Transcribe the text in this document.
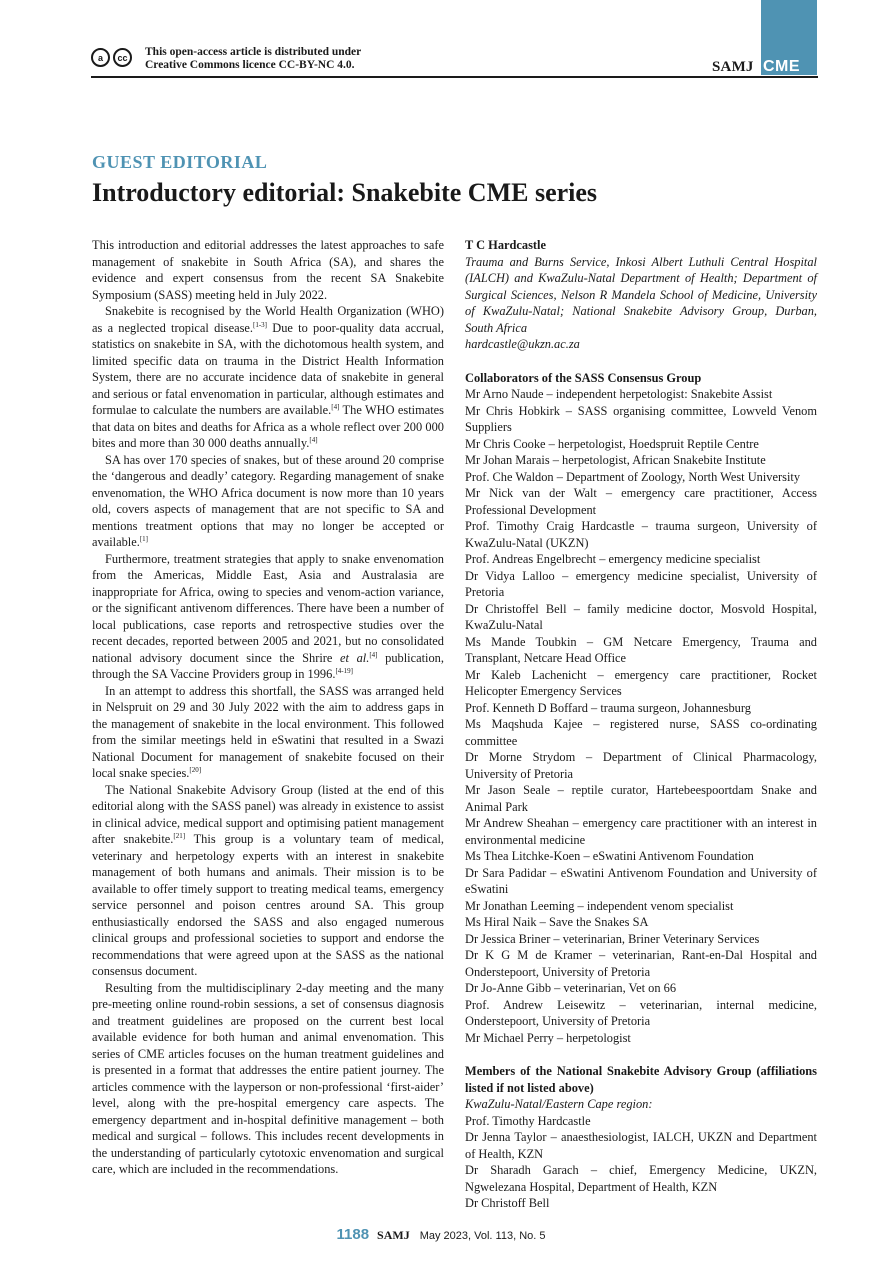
a	cc	This open-access article is distributed under
Creative Commons licence CC-BY-NC 4.0.	SAMJ CME
GUEST EDITORIAL
Introductory editorial: Snakebite CME series

This introduction and editorial addresses the latest approaches to safe management of snakebite in South Africa (SA), and shares the evidence and expert consensus from the recent SA Snakebite Symposium (SASS) meeting held in July 2022.

Snakebite is recognised by the World Health Organization (WHO) as a neglected tropical disease.[1-3] Due to poor-quality data accrual, statistics on snakebite in SA, with the dichotomous health system, and limited specific data on trauma in the District Health Information System, there are no accurate incidence data of snakebite in general and serious or fatal envenomation in particular, although estimates and formulae to calculate the numbers are available.[4] The WHO estimates that data on bites and deaths for Africa as a whole reflect over 200 000 bites and more than 30 000 deaths annually.[4]

SA has over 170 species of snakes, but of these around 20 comprise the ‘dangerous and deadly’ category. Regarding management of snake envenomation, the WHO Africa document is now more than 10 years old, covers aspects of management that are not specific to SA and mentions treatment options that may no longer be accepted or available.[1]

Furthermore, treatment strategies that apply to snake envenomation from the Americas, Middle East, Asia and Australasia are inappropriate for Africa, owing to species and venom-action variance, or the significant antivenom differences. There have been a number of local publications, case reports and retrospective studies over the recent decades, reported between 2005 and 2021, but no consolidated national advisory document since the Shrire et al.[4] publication, through the SA Vaccine Providers group in 1996.[4-19]

In an attempt to address this shortfall, the SASS was arranged held in Nelspruit on 29 and 30 July 2022 with the aim to address gaps in the management of snakebite in the local environment. This followed from the similar meetings held in eSwatini that resulted in a Swazi National Document for management of snakebite focused on their local snake species.[20]

The National Snakebite Advisory Group (listed at the end of this editorial along with the SASS panel) was already in existence to assist in clinical advice, medical support and optimising patient management after snakebite.[21] This group is a voluntary team of medical, veterinary and herpetology experts with an interest in snakebite management of both humans and animals. Their mission is to be available to offer timely support to treating medical teams, emergency service personnel and poison centres around SA. This group enthusiastically endorsed the SASS and also engaged numerous clinical groups and professional societies to support and endorse the recommendations that were agreed upon at the SASS as the national consensus document.

Resulting from the multidisciplinary 2-day meeting and the many pre-meeting online round-robin sessions, a set of consensus diagnosis and treatment guidelines are proposed on the current best local available evidence for both human and animal envenomation. This series of CME articles focuses on the human treatment guidelines and is presented in a format that addresses the entire patient journey. The articles commence with the layperson or non-professional ‘first-aider’ level, along with the pre-hospital emergency care aspects. The emergency department and in-hospital definitive management – both medical and surgical – follows. This includes recent developments in the understanding of particularly cytotoxic envenomation and surgical care, which are included in the recommendations.

T C Hardcastle

Trauma and Burns Service, Inkosi Albert Luthuli Central Hospital (IALCH) and KwaZulu-Natal Department of Health; Department of Surgical Sciences, Nelson R Mandela School of Medicine, University of KwaZulu-Natal; National Snakebite Advisory Group, Durban, South Africa

hardcastle@ukzn.ac.za

Collaborators of the SASS Consensus Group

Mr Arno Naude – independent herpetologist: Snakebite Assist
Mr Chris Hobkirk – SASS organising committee, Lowveld Venom Suppliers
Mr Chris Cooke – herpetologist, Hoedspruit Reptile Centre
Mr Johan Marais – herpetologist, African Snakebite Institute
Prof. Che Waldon – Department of Zoology, North West University
Mr Nick van der Walt – emergency care practitioner, Access Professional Development
Prof. Timothy Craig Hardcastle – trauma surgeon, University of KwaZulu-Natal (UKZN)
Prof. Andreas Engelbrecht – emergency medicine specialist
Dr Vidya Lalloo – emergency medicine specialist, University of Pretoria
Dr Christoffel Bell – family medicine doctor, Mosvold Hospital, KwaZulu-Natal
Ms Mande Toubkin – GM Netcare Emergency, Trauma and Transplant, Netcare Head Office
Mr Kaleb Lachenicht – emergency care practitioner, Rocket Helicopter Emergency Services
Prof. Kenneth D Boffard – trauma surgeon, Johannesburg
Ms Maqshuda Kajee – registered nurse, SASS co-ordinating committee
Dr Morne Strydom – Department of Clinical Pharmacology, University of Pretoria
Mr Jason Seale – reptile curator, Hartebeespoortdam Snake and Animal Park
Mr Andrew Sheahan – emergency care practitioner with an interest in environmental medicine
Ms Thea Litchke-Koen – eSwatini Antivenom Foundation
Dr Sara Padidar – eSwatini Antivenom Foundation and University of eSwatini
Mr Jonathan Leeming – independent venom specialist
Ms Hiral Naik – Save the Snakes SA
Dr Jessica Briner – veterinarian, Briner Veterinary Services
Dr K G M de Kramer – veterinarian, Rant-en-Dal Hospital and Onderstepoort, University of Pretoria
Dr Jo-Anne Gibb – veterinarian, Vet on 66
Prof. Andrew Leisewitz – veterinarian, internal medicine, Onderstepoort, University of Pretoria
Mr Michael Perry – herpetologist

Members of the National Snakebite Advisory Group (affiliations listed if not listed above)

KwaZulu-Natal/Eastern Cape region:

Prof. Timothy Hardcastle
Dr Jenna Taylor – anaesthesiologist, IALCH, UKZN and Department of Health, KZN
Dr Sharadh Garach – chief, Emergency Medicine, UKZN, Ngwelezana Hospital, Department of Health, KZN
Dr Christoff Bell
1188 SAMJ May 2023, Vol. 113, No. 5
